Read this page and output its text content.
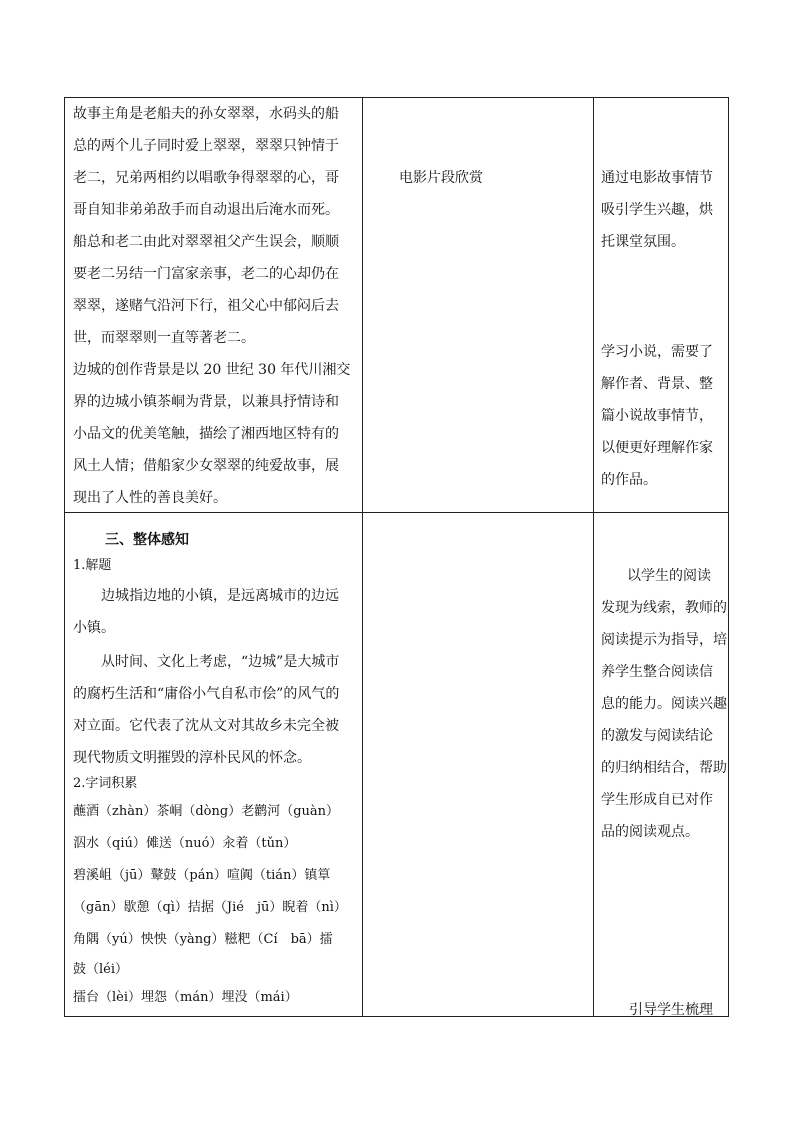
故事主角是老船夫的孙女翠翠，水码头的船
总的两个儿子同时爱上翠翠，翠翠只钟情于
老二，兄弟两相约以唱歌争得翠翠的心，哥
哥自知非弟弟敌手而自动退出后淹水而死。
船总和老二由此对翠翠祖父产生误会，顺顺
要老二另结一门富家亲事，老二的心却仍在
翠翠，遂赌气沿河下行，祖父心中郁闷后去
世，而翠翠则一直等著老二。
边城的创作背景是以 20 世纪 30 年代川湘交
界的边城小镇茶峒为背景，以兼具抒情诗和
小品文的优美笔触，描绘了湘西地区特有的
风土人情；借船家少女翠翠的纯爱故事，展
现出了人性的善良美好。
电影片段欣赏	通过电影故事情节
吸引学生兴趣，烘
托课堂氛围。
学习小说，需要了
解作者、背景、整
篇小说故事情节，
以便更好理解作家
的作品。
三、整体感知
1.解题
边城指边地的小镇，是远离城市的边远
小镇。
从时间、文化上考虑，“边城”是大城市
的腐朽生活和“庸俗小气自私市侩”的风气的
对立面。它代表了沈从文对其故乡未完全被
现代物质文明摧毁的淳朴民风的怀念。
2.字词积累
蘸酒（zhàn）茶峒（dòng）老鹳河（guàn）
泅水（qiú）傩送（nuó）汆着（tǔn）
碧溪岨（jū）鼙鼓（pán）喧阗（tián）镇筸
（gān）歇憩（qì）拮据（Jié　jū）睨着（nì）
角隅（yú）怏怏（yàng）糍粑（Cí　bā）擂
鼓（léi）
擂台（lèi）埋怨（mán）埋没（mái）
以学生的阅读
发现为线索，教师的
阅读提示为指导，培
养学生整合阅读信
息的能力。阅读兴趣
的激发与阅读结论
的归纳相结合，帮助
学生形成自已对作
品的阅读观点。
引导学生梳理
